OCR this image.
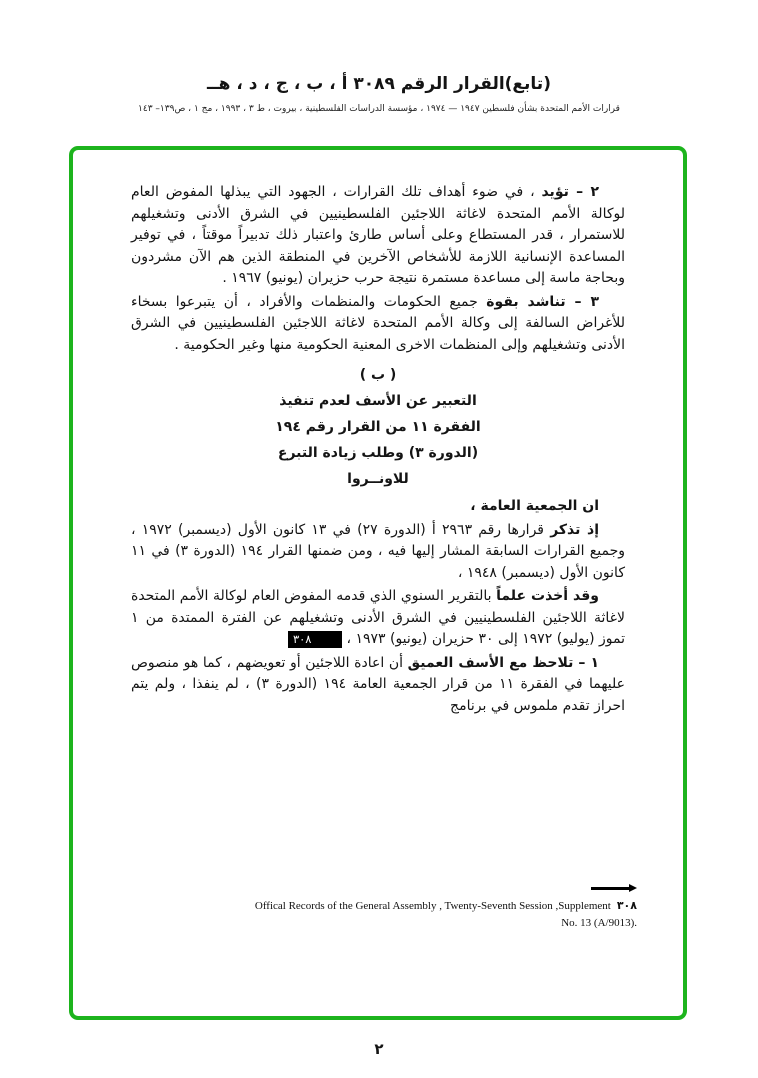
(تابع)القرار الرقم ٣٠٨٩ أ ، ب ، ج ، د ، هــ
قرارات الأمم المتحدة بشأن فلسطين ١٩٤٧ — ١٩٧٤ ، مؤسسة الدراسات الفلسطينية ، بيروت ، ط ٣ ، ١٩٩٣ ، مج ١ ، ص١٣٩– ١٤٣

٢ – تؤيد ، في ضوء أهداف تلك القرارات ، الجهود التي يبذلها المفوض العام لوكالة الأمم المتحدة لاغاثة اللاجئين الفلسطينيين في الشرق الأدنى وتشغيلهم للاستمرار ، قدر المستطاع وعلى أساس طارئ واعتبار ذلك تدبيراً موقتاً ، في توفير المساعدة الإنسانية اللازمة للأشخاص الآخرين في المنطقة الذين هم الآن مشردون وبحاجة ماسة إلى مساعدة مستمرة نتيجة حرب حزيران (يونيو) ١٩٦٧ .

٣ – تناشد بقوة جميع الحكومات والمنظمات والأفراد ، أن يتبرعوا بسخاء للأغراض السالفة إلى وكالة الأمم المتحدة لاغاثة اللاجئين الفلسطينيين في الشرق الأدنى وتشغيلهم وإلى المنظمات الاخرى المعنية الحكومية منها وغير الحكومية .

( ب )
التعبير عن الأسف لعدم تنفيذ
الفقرة ١١ من القرار رقم ١٩٤
(الدورة ٣) وطلب زيادة التبرع
للاونــروا

ان الجمعية العامة ،

إذ تذكر قرارها رقم ٢٩٦٣ أ (الدورة ٢٧) في ١٣ كانون الأول (ديسمبر) ١٩٧٢ ، وجميع القرارات السابقة المشار إليها فيه ، ومن ضمنها القرار ١٩٤ (الدورة ٣) في ١١ كانون الأول (ديسمبر) ١٩٤٨ ،

وقد أخذت علماً بالتقرير السنوي الذي قدمه المفوض العام لوكالة الأمم المتحدة لاغاثة اللاجئين الفلسطينيين في الشرق الأدنى وتشغيلهم عن الفترة الممتدة من ١ تموز (يوليو) ١٩٧٢ إلى ٣٠ حزيران (يونيو) ١٩٧٣ ،٣٠٨

١ – تلاحظ مع الأسف العميق أن اعادة اللاجئين أو تعويضهم ، كما هو منصوص عليهما في الفقرة ١١ من قرار الجمعية العامة ١٩٤ (الدورة ٣) ، لم ينفذا ، ولم يتم احراز تقدم ملموس في برنامج

Offical Records of the General Assembly , Twenty-Seventh Session ,Supplement ٣٠٨
No. 13 (A/9013).
٢
